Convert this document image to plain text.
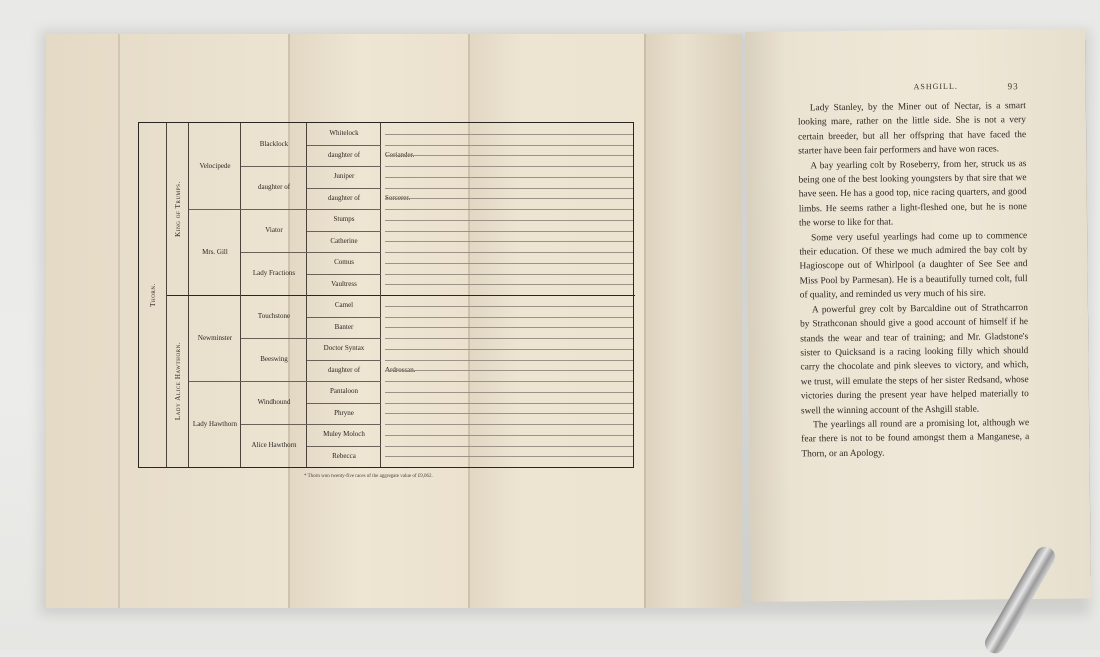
Thorn.
King of Trumps.
Lady Alice Hawthorn.
Velocipede
Mrs. Gill
Newminster
Lady Hawthorn
Blacklock
daughter of
Viator
Lady Fractions
Touchstone
Beeswing
Windhound
Alice Hawthorn
Whitelock
daughter of
Juniper
daughter of
Stumps
Catherine
Comus
Vaultress
Camel
Banter
Doctor Syntax
daughter of
Pantaloon
Phryne
Muley Moloch
Rebecca
Coriander.
Sorcerer.
Ardrossan.
* Thorn won twenty-five races of the aggregate value of £9,062.
ASHGILL.	93

Lady Stanley, by the Miner out of Nectar, is a smart looking mare, rather on the little side. She is not a very certain breeder, but all her offspring that have faced the starter have been fair performers and have won races.

A bay yearling colt by Roseberry, from her, struck us as being one of the best looking youngsters by that sire that we have seen. He has a good top, nice racing quarters, and good limbs. He seems rather a light-fleshed one, but he is none the worse to like for that.

Some very useful yearlings had come up to commence their education. Of these we much admired the bay colt by Hagioscope out of Whirlpool (a daughter of See See and Miss Pool by Parmesan). He is a beautifully turned colt, full of quality, and reminded us very much of his sire.

A powerful grey colt by Barcaldine out of Strathcarron by Strathconan should give a good account of himself if he stands the wear and tear of training; and Mr. Gladstone's sister to Quicksand is a racing looking filly which should carry the chocolate and pink sleeves to victory, and which, we trust, will emulate the steps of her sister Redsand, whose victories during the present year have helped materially to swell the winning account of the Ashgill stable.

The yearlings all round are a promising lot, although we fear there is not to be found amongst them a Manganese, a Thorn, or an Apology.
